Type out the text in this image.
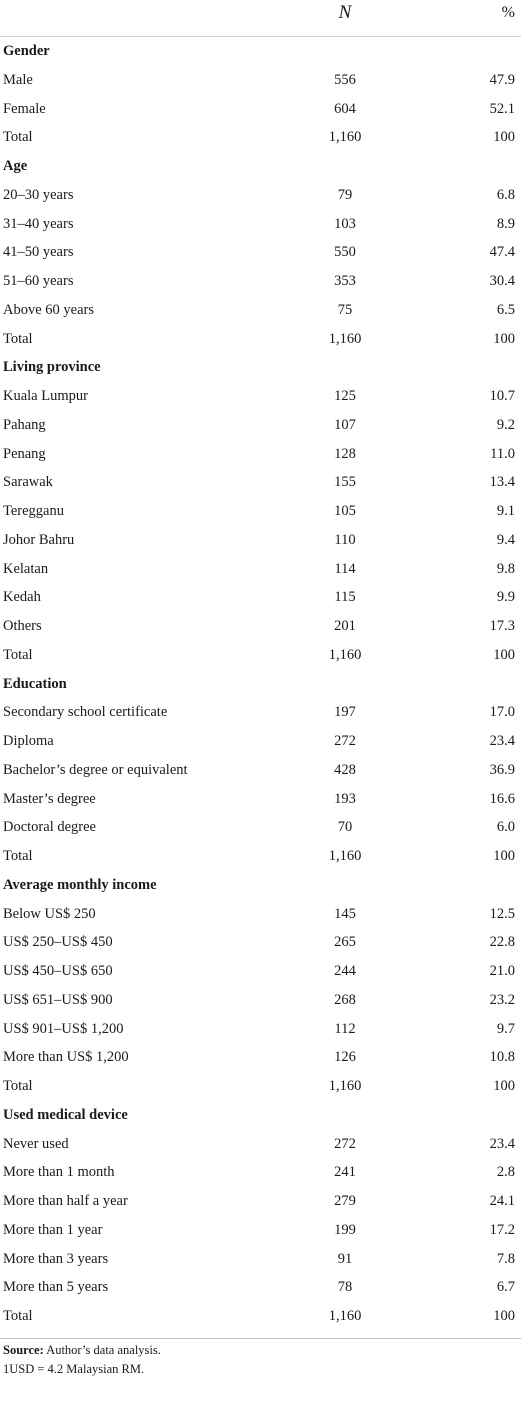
N	%
Gender
Male	556	47.9
Female	604	52.1
Total	1,160	100
Age
20–30 years	79	6.8
31–40 years	103	8.9
41–50 years	550	47.4
51–60 years	353	30.4
Above 60 years	75	6.5
Total	1,160	100
Living province
Kuala Lumpur	125	10.7
Pahang	107	9.2
Penang	128	11.0
Sarawak	155	13.4
Teregganu	105	9.1
Johor Bahru	110	9.4
Kelatan	114	9.8
Kedah	115	9.9
Others	201	17.3
Total	1,160	100
Education
Secondary school certificate	197	17.0
Diploma	272	23.4
Bachelor’s degree or equivalent	428	36.9
Master’s degree	193	16.6
Doctoral degree	70	6.0
Total	1,160	100
Average monthly income
Below US$ 250	145	12.5
US$ 250–US$ 450	265	22.8
US$ 450–US$ 650	244	21.0
US$ 651–US$ 900	268	23.2
US$ 901–US$ 1,200	112	9.7
More than US$ 1,200	126	10.8
Total	1,160	100
Used medical device
Never used	272	23.4
More than 1 month	241	2.8
More than half a year	279	24.1
More than 1 year	199	17.2
More than 3 years	91	7.8
More than 5 years	78	6.7
Total	1,160	100
Source: Author’s data analysis.
1USD = 4.2 Malaysian RM.
